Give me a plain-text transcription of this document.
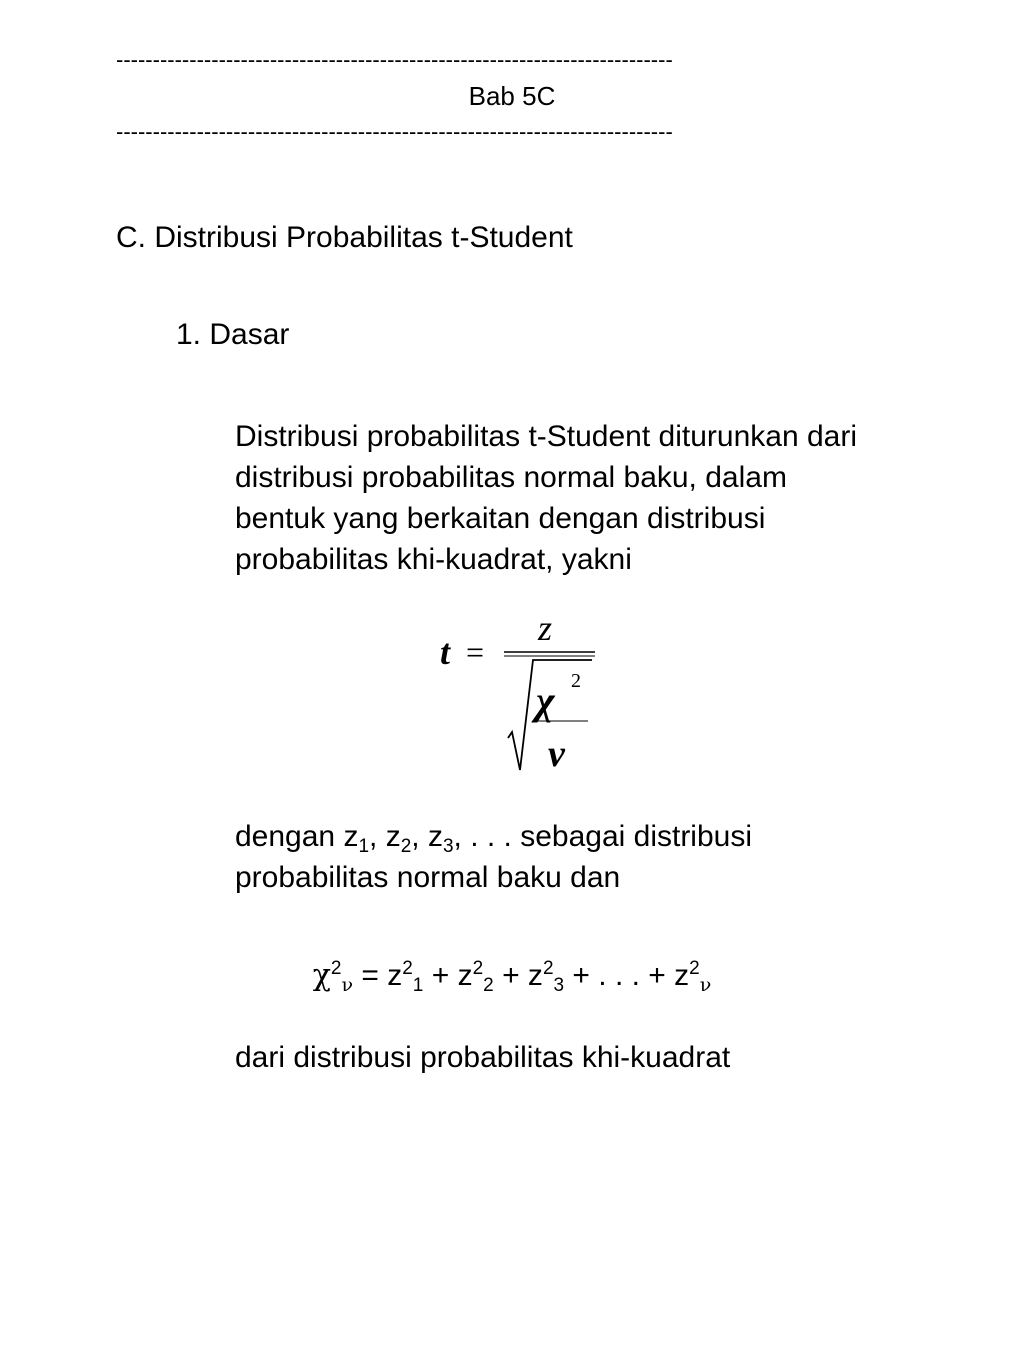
----------------------------------------------------------------------------
Bab 5C
----------------------------------------------------------------------------
C. Distribusi Probabilitas t-Student
1. Dasar

Distribusi probabilitas t-Student diturunkan dari

distribusi probabilitas normal baku, dalam

bentuk yang berkaitan dengan distribusi

probabilitas khi-kuadrat, yakni

t =
z
χ 2
ν

dengan $z_1$, $z_2$, $z_3$, . . . sebagai distribusi

probabilitas normal baku dan

$\chi^2_\nu = z^2_1 + z^2_2 + z^2_3$ + . . . + $z^2_\nu$
dari distribusi probabilitas khi-kuadrat
